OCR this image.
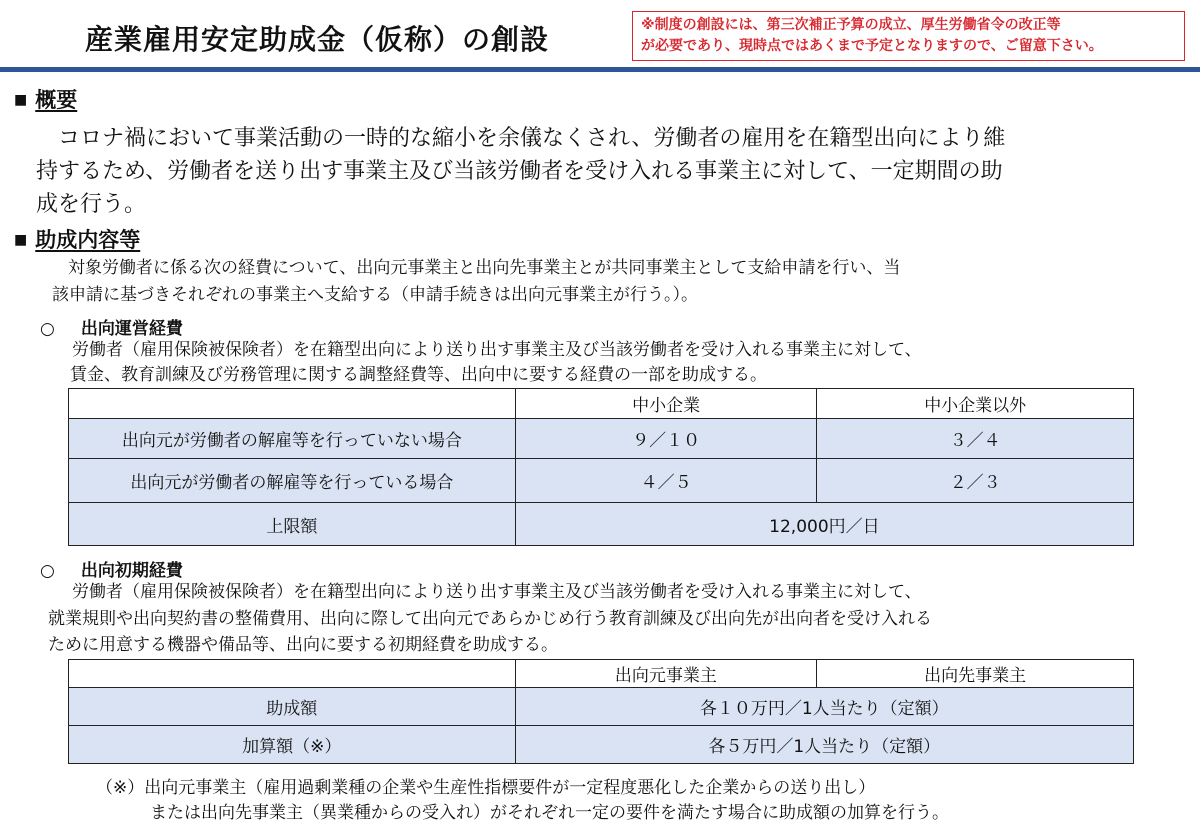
産業雇用安定助成金（仮称）の創設	※制度の創設には、第三次補正予算の成立、厚生労働省令の改正等
が必要であり、現時点ではあくまで予定となりますので、ご留意下さい。
■ 概要
コロナ禍において事業活動の一時的な縮小を余儀なくされ、労働者の雇用を在籍型出向により維
持するため、労働者を送り出す事業主及び当該労働者を受け入れる事業主に対して、一定期間の助
成を行う。
■ 助成内容等
対象労働者に係る次の経費について、出向元事業主と出向先事業主とが共同事業主として支給申請を行い、当
該申請に基づきそれぞれの事業主へ支給する（申請手続きは出向元事業主が行う。）。
○ 出向運営経費
労働者（雇用保険被保険者）を在籍型出向により送り出す事業主及び当該労働者を受け入れる事業主に対して、
賃金、教育訓練及び労務管理に関する調整経費等、出向中に要する経費の一部を助成する。
	中小企業	中小企業以外
出向元が労働者の解雇等を行っていない場合	９／１０	３／４
出向元が労働者の解雇等を行っている場合	４／５	２／３
上限額	12,000円／日	
○ 出向初期経費
労働者（雇用保険被保険者）を在籍型出向により送り出す事業主及び当該労働者を受け入れる事業主に対して、
就業規則や出向契約書の整備費用、出向に際して出向元であらかじめ行う教育訓練及び出向先が出向者を受け入れる
ために用意する機器や備品等、出向に要する初期経費を助成する。
	出向元事業主	出向先事業主
助成額	各１０万円／1人当たり（定額）	
加算額（※）	各５万円／1人当たり（定額）	
（※）出向元事業主（雇用過剰業種の企業や生産性指標要件が一定程度悪化した企業からの送り出し）
または出向先事業主（異業種からの受入れ）がそれぞれ一定の要件を満たす場合に助成額の加算を行う。
